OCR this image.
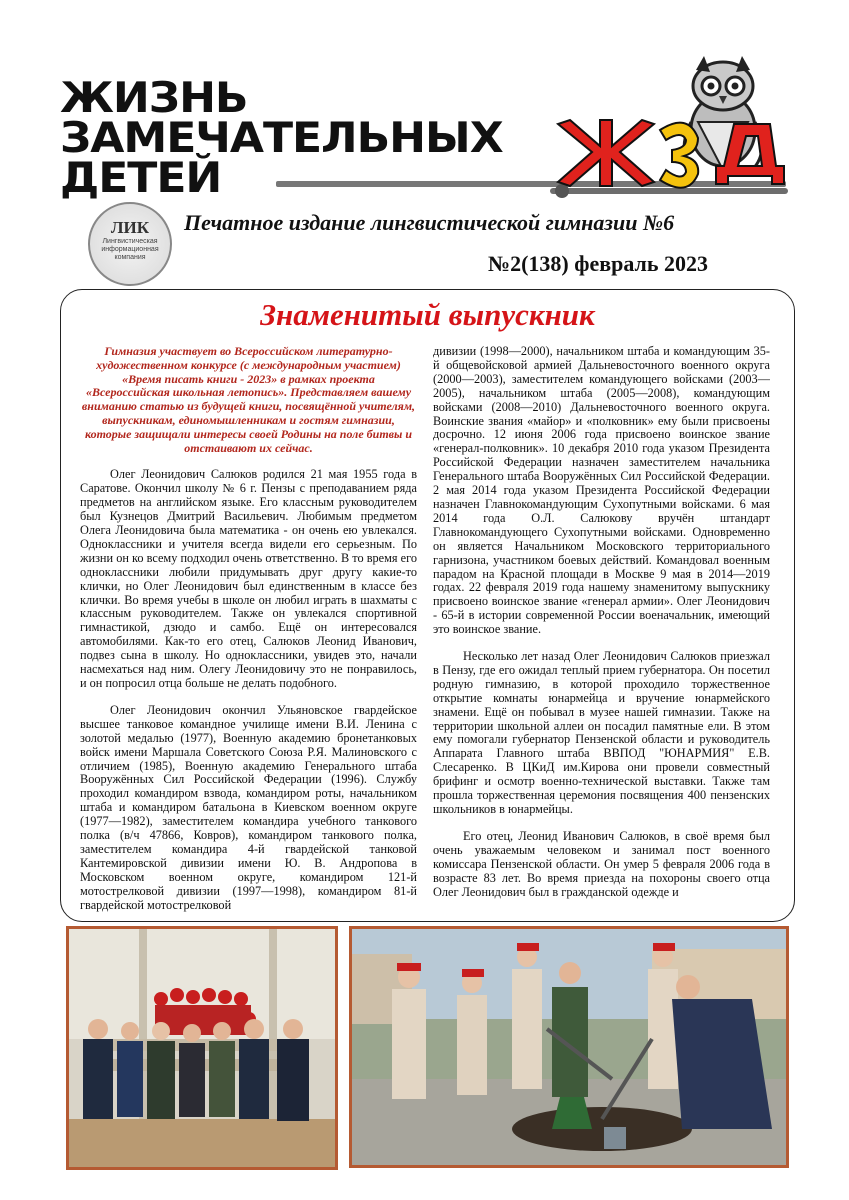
ЖИЗНЬ
ЗАМЕЧАТЕЛЬНЫХ
ДЕТЕЙ
ЛИК
Лингвистическая информационная компания
Печатное издание лингвистической гимназии №6
№2(138) февраль 2023
Знаменитый выпускник

Гимназия участвует во Всероссийском литературно-художественном конкурсе (с международным участием) «Время писать книги - 2023» в рамках проекта «Всероссийская школьная летопись». Представляем вашему вниманию статью из будущей книги, посвящённой учителям, выпускникам, единомышленникам и гостям гимназии, которые защищали интересы своей Родины на поле битвы и отстаивают их сейчас.

Олег Леонидович Салюков родился 21 мая 1955 года в Саратове. Окончил школу № 6 г. Пензы с преподаванием ряда предметов на английском языке. Его классным руководителем был Кузнецов Дмитрий Васильевич. Любимым предметом Олега Леонидовича была математика - он очень ею увлекался. Одноклассники и учителя всегда видели его серьезным. По жизни он ко всему подходил очень ответственно. В то время его одноклассники любили придумывать друг другу какие-то клички, но Олег Леонидович был единственным в классе без клички. Во время учебы в школе он любил играть в шахматы с классным руководителем. Также он увлекался спортивной гимнастикой, дзюдо и самбо. Ещё он интересовался автомобилями. Как-то его отец, Салюков Леонид Иванович, подвез сына в школу. Но одноклассники, увидев это, начали насмехаться над ним. Олегу Леонидовичу это не понравилось, и он попросил отца больше не делать подобного.

Олег Леонидович окончил Ульяновское гвардейское высшее танковое командное училище имени В.И. Ленина с золотой медалью (1977), Военную академию бронетанковых войск имени Маршала Советского Союза Р.Я. Малиновского с отличием (1985), Военную академию Генерального штаба Вооружённых Сил Российской Федерации (1996). Службу проходил командиром взвода, командиром роты, начальником штаба и командиром батальона в Киевском военном округе (1977—1982), заместителем командира учебного танкового полка (в/ч 47866, Ковров), командиром танкового полка, заместителем командира 4-й гвардейской танковой Кантемировской дивизии имени Ю. В. Андропова в Московском военном округе, командиром 121-й мотострелковой дивизии (1997—1998), командиром 81-й гвардейской мотострелковой

дивизии (1998—2000), начальником штаба и командующим 35-й общевойсковой армией Дальневосточного военного округа (2000—2003), заместителем командующего войсками (2003—2005), начальником штаба (2005—2008), командующим войсками (2008—2010) Дальневосточного военного округа. Воинские звания «майор» и «полковник» ему были присвоены досрочно. 12 июня 2006 года присвоено воинское звание «генерал-полковник». 10 декабря 2010 года указом Президента Российской Федерации назначен заместителем начальника Генерального штаба Вооружённых Сил Российской Федерации. 2 мая 2014 года указом Президента Российской Федерации назначен Главнокомандующим Сухопутными войсками. 6 мая 2014 года О.Л. Салюкову вручён штандарт Главнокомандующего Сухопутными войсками. Одновременно он является Начальником Московского территориального гарнизона, участником боевых действий. Командовал военным парадом на Красной площади в Москве 9 мая в 2014—2019 годах. 22 февраля 2019 года нашему знаменитому выпускнику присвоено воинское звание «генерал армии». Олег Леонидович - 65-й в истории современной России военачальник, имеющий это воинское звание.

Несколько лет назад Олег Леонидович Салюков приезжал в Пензу, где его ожидал теплый прием губернатора. Он посетил родную гимназию, в которой проходило торжественное открытие комнаты юнармейца и вручение юнармейского знамени. Ещё он побывал в музее нашей гимназии. Также на территории школьной аллеи он посадил памятные ели. В этом ему помогали губернатор Пензенской области и руководитель Аппарата Главного штаба ВВПОД "ЮНАРМИЯ" Е.В. Слесаренко. В ЦКиД им.Кирова они провели совместный брифинг и осмотр военно-технической выставки. Также там прошла торжественная церемония посвящения 400 пензенских школьников в юнармейцы.

Его отец, Леонид Иванович Салюков, в своё время был очень уважаемым человеком и занимал пост военного комиссара Пензенской области. Он умер 5 февраля 2006 года в возрасте 83 лет. Во время приезда на похороны своего отца Олег Леонидович был в гражданской одежде и
